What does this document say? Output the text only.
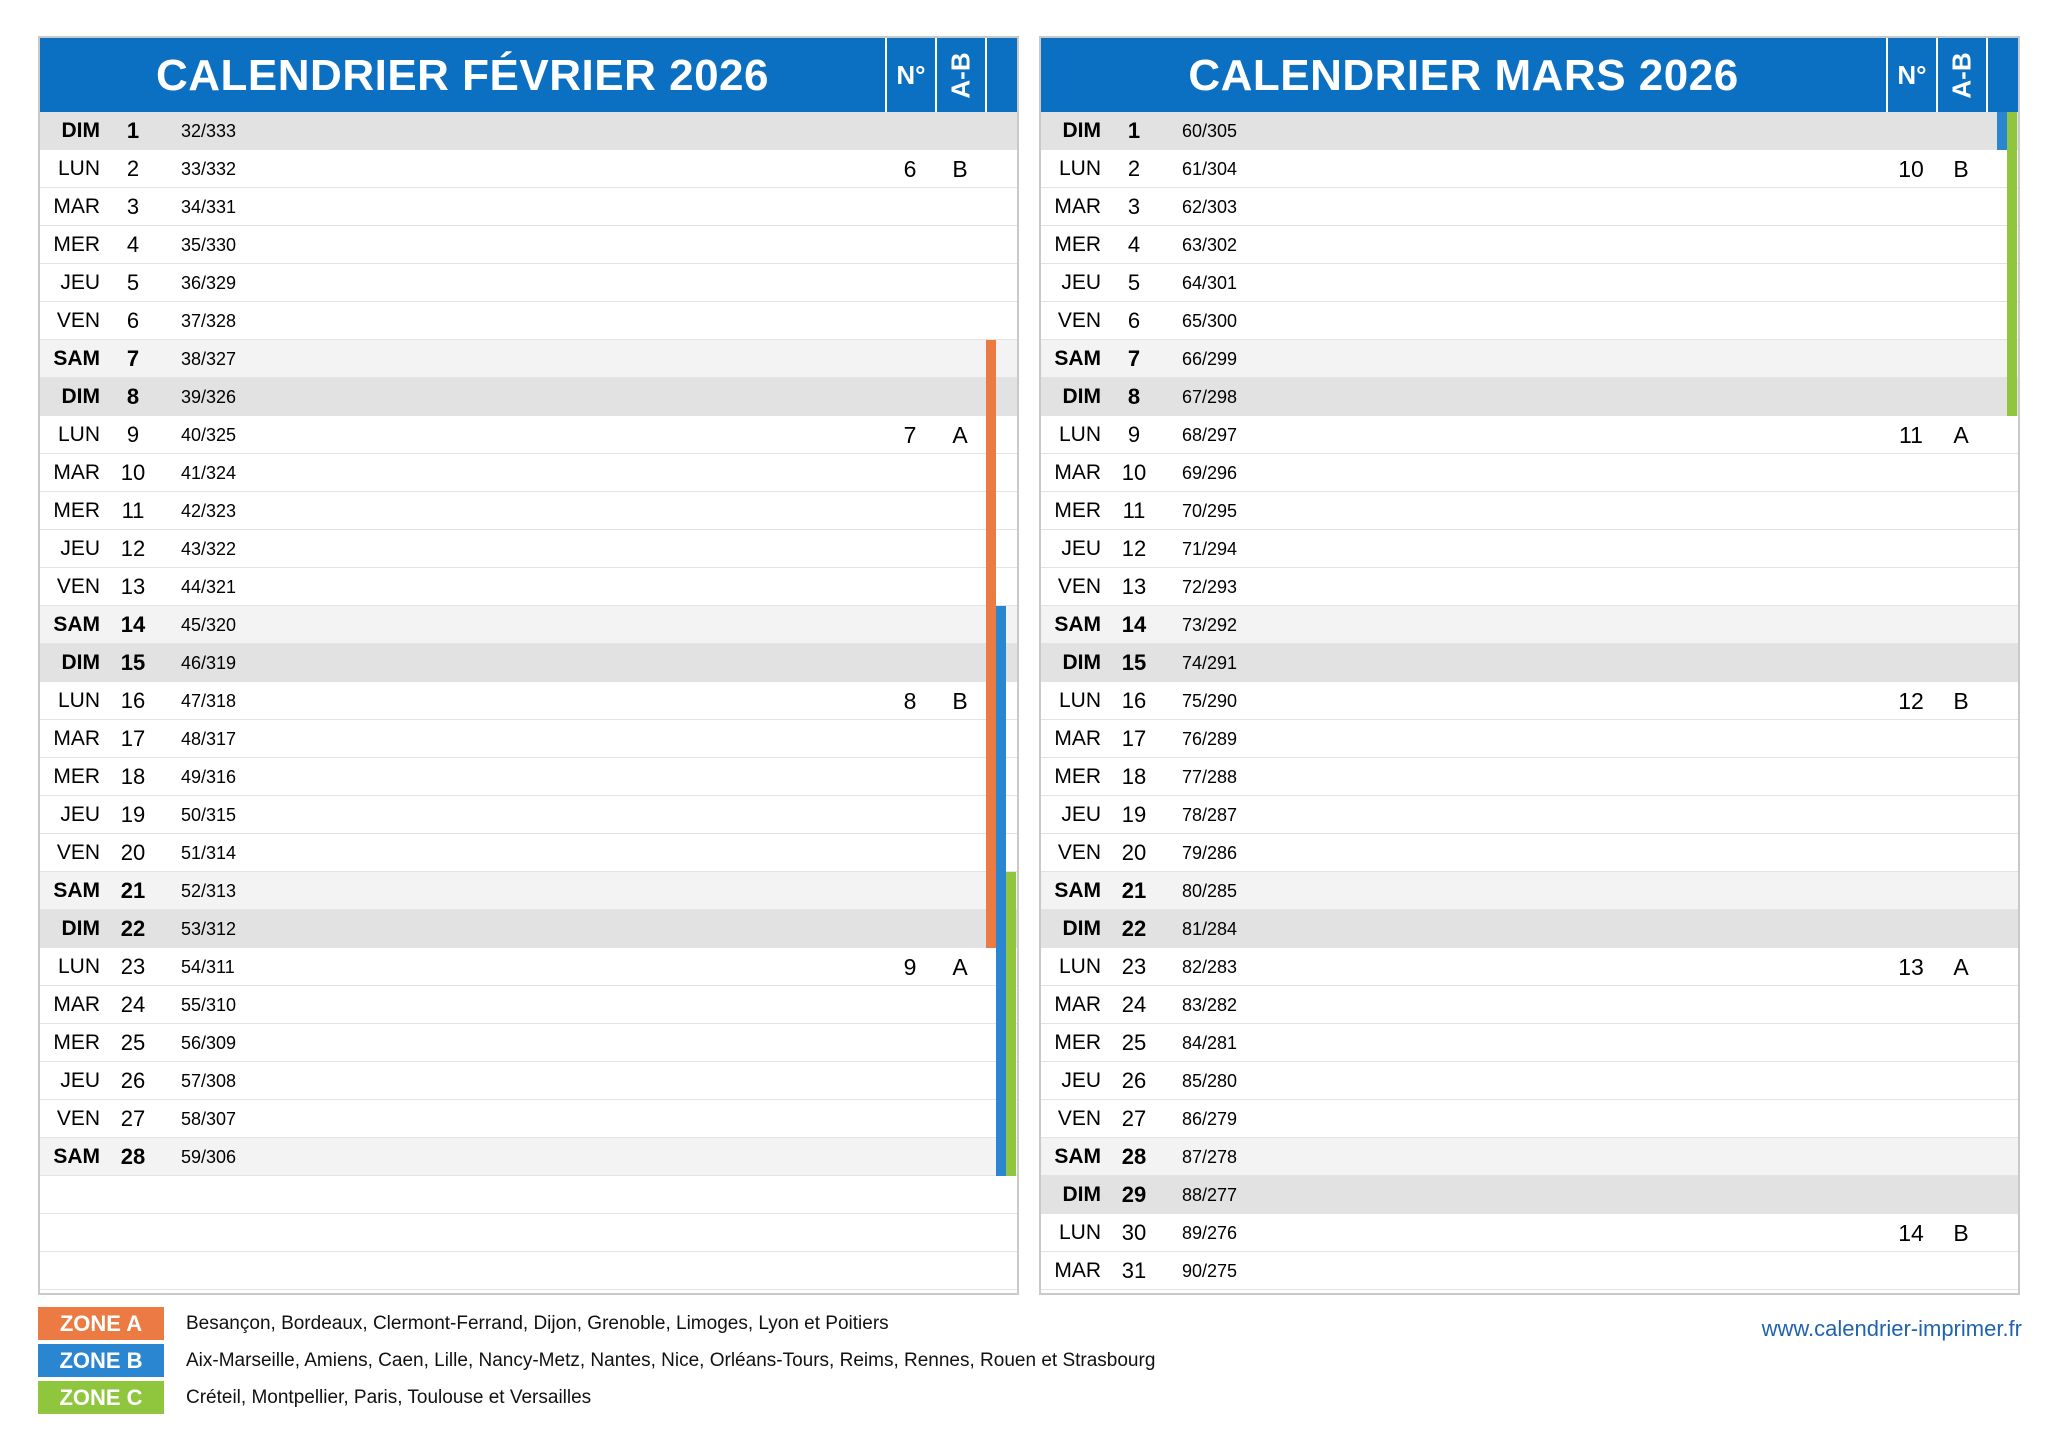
CALENDRIER FÉVRIER 2026	N° A-B
DIM	1	32/333
LUN	2	33/332	6	B
MAR	3	34/331
MER	4	35/330
JEU	5	36/329
VEN	6	37/328
SAM	7	38/327
DIM	8	39/326
LUN	9	40/325	7	A
MAR 10	41/324
MER 11	42/323
JEU 12	43/322
VEN 13	44/321
SAM 14	45/320
DIM 15	46/319
LUN 16	47/318	8	B
MAR 17	48/317
MER 18	49/316
JEU 19	50/315
VEN 20	51/314
SAM 21	52/313
DIM 22	53/312
LUN 23	54/311	9	A
MAR 24	55/310
MER 25	56/309
JEU 26	57/308
VEN 27	58/307
SAM 28	59/306
CALENDRIER MARS 2026	N° A-B
DIM	1	60/305
LUN	2	61/304	10	B
MAR	3	62/303
MER	4	63/302
JEU	5	64/301
VEN	6	65/300
SAM	7	66/299
DIM	8	67/298
LUN	9	68/297	11	A
MAR 10	69/296
MER 11	70/295
JEU 12	71/294
VEN 13	72/293
SAM 14	73/292
DIM 15	74/291
LUN 16	75/290	12	B
MAR 17	76/289
MER 18	77/288
JEU 19	78/287
VEN 20	79/286
SAM 21	80/285
DIM 22	81/284
LUN 23	82/283	13	A
MAR 24	83/282
MER 25	84/281
JEU 26	85/280
VEN 27	86/279
SAM 28	87/278
DIM 29	88/277
LUN 30	89/276	14	B
MAR 31	90/275
ZONE A	Besançon, Bordeaux, Clermont-Ferrand, Dijon, Grenoble, Limoges, Lyon et Poitiers
ZONE B	Aix-Marseille, Amiens, Caen, Lille, Nancy-Metz, Nantes, Nice, Orléans-Tours, Reims, Rennes, Rouen et Strasbourg
ZONE C	Créteil, Montpellier, Paris, Toulouse et Versailles
www.calendrier-imprimer.fr
